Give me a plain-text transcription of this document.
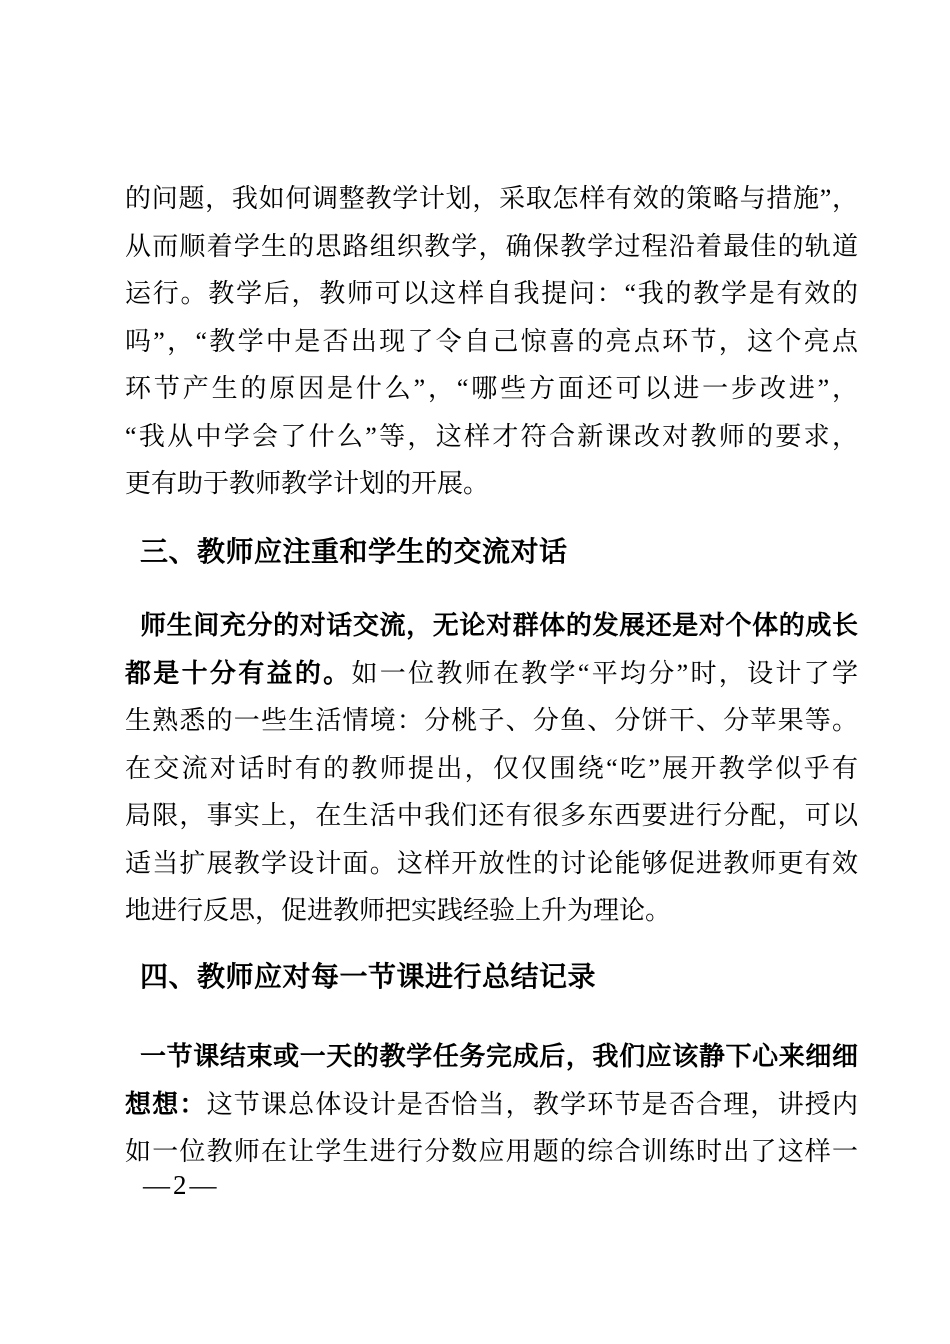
的问题，我如何调整教学计划，采取怎样有效的策略与措施”，
从而顺着学生的思路组织教学，确保教学过程沿着最佳的轨道
运行。教学后，教师可以这样自我提问：“我的教学是有效的
吗”，“教学中是否出现了令自己惊喜的亮点环节，这个亮点
环节产生的原因是什么”，“哪些方面还可以进一步改进”，
“我从中学会了什么”等，这样才符合新课改对教师的要求，
更有助于教师教学计划的开展。
三、教师应注重和学生的交流对话
师生间充分的对话交流，无论对群体的发展还是对个体的成长
都是十分有益的。如一位教师在教学“平均分”时，设计了学
生熟悉的一些生活情境：分桃子、分鱼、分饼干、分苹果等。
在交流对话时有的教师提出，仅仅围绕“吃”展开教学似乎有
局限，事实上，在生活中我们还有很多东西要进行分配，可以
适当扩展教学设计面。这样开放性的讨论能够促进教师更有效
地进行反思，促进教师把实践经验上升为理论。
四、教师应对每一节课进行总结记录
一节课结束或一天的教学任务完成后，我们应该静下心来细细
想想：这节课总体设计是否恰当，教学环节是否合理，讲授内
如一位教师在让学生进行分数应用题的综合训练时出了这样一
—2—
